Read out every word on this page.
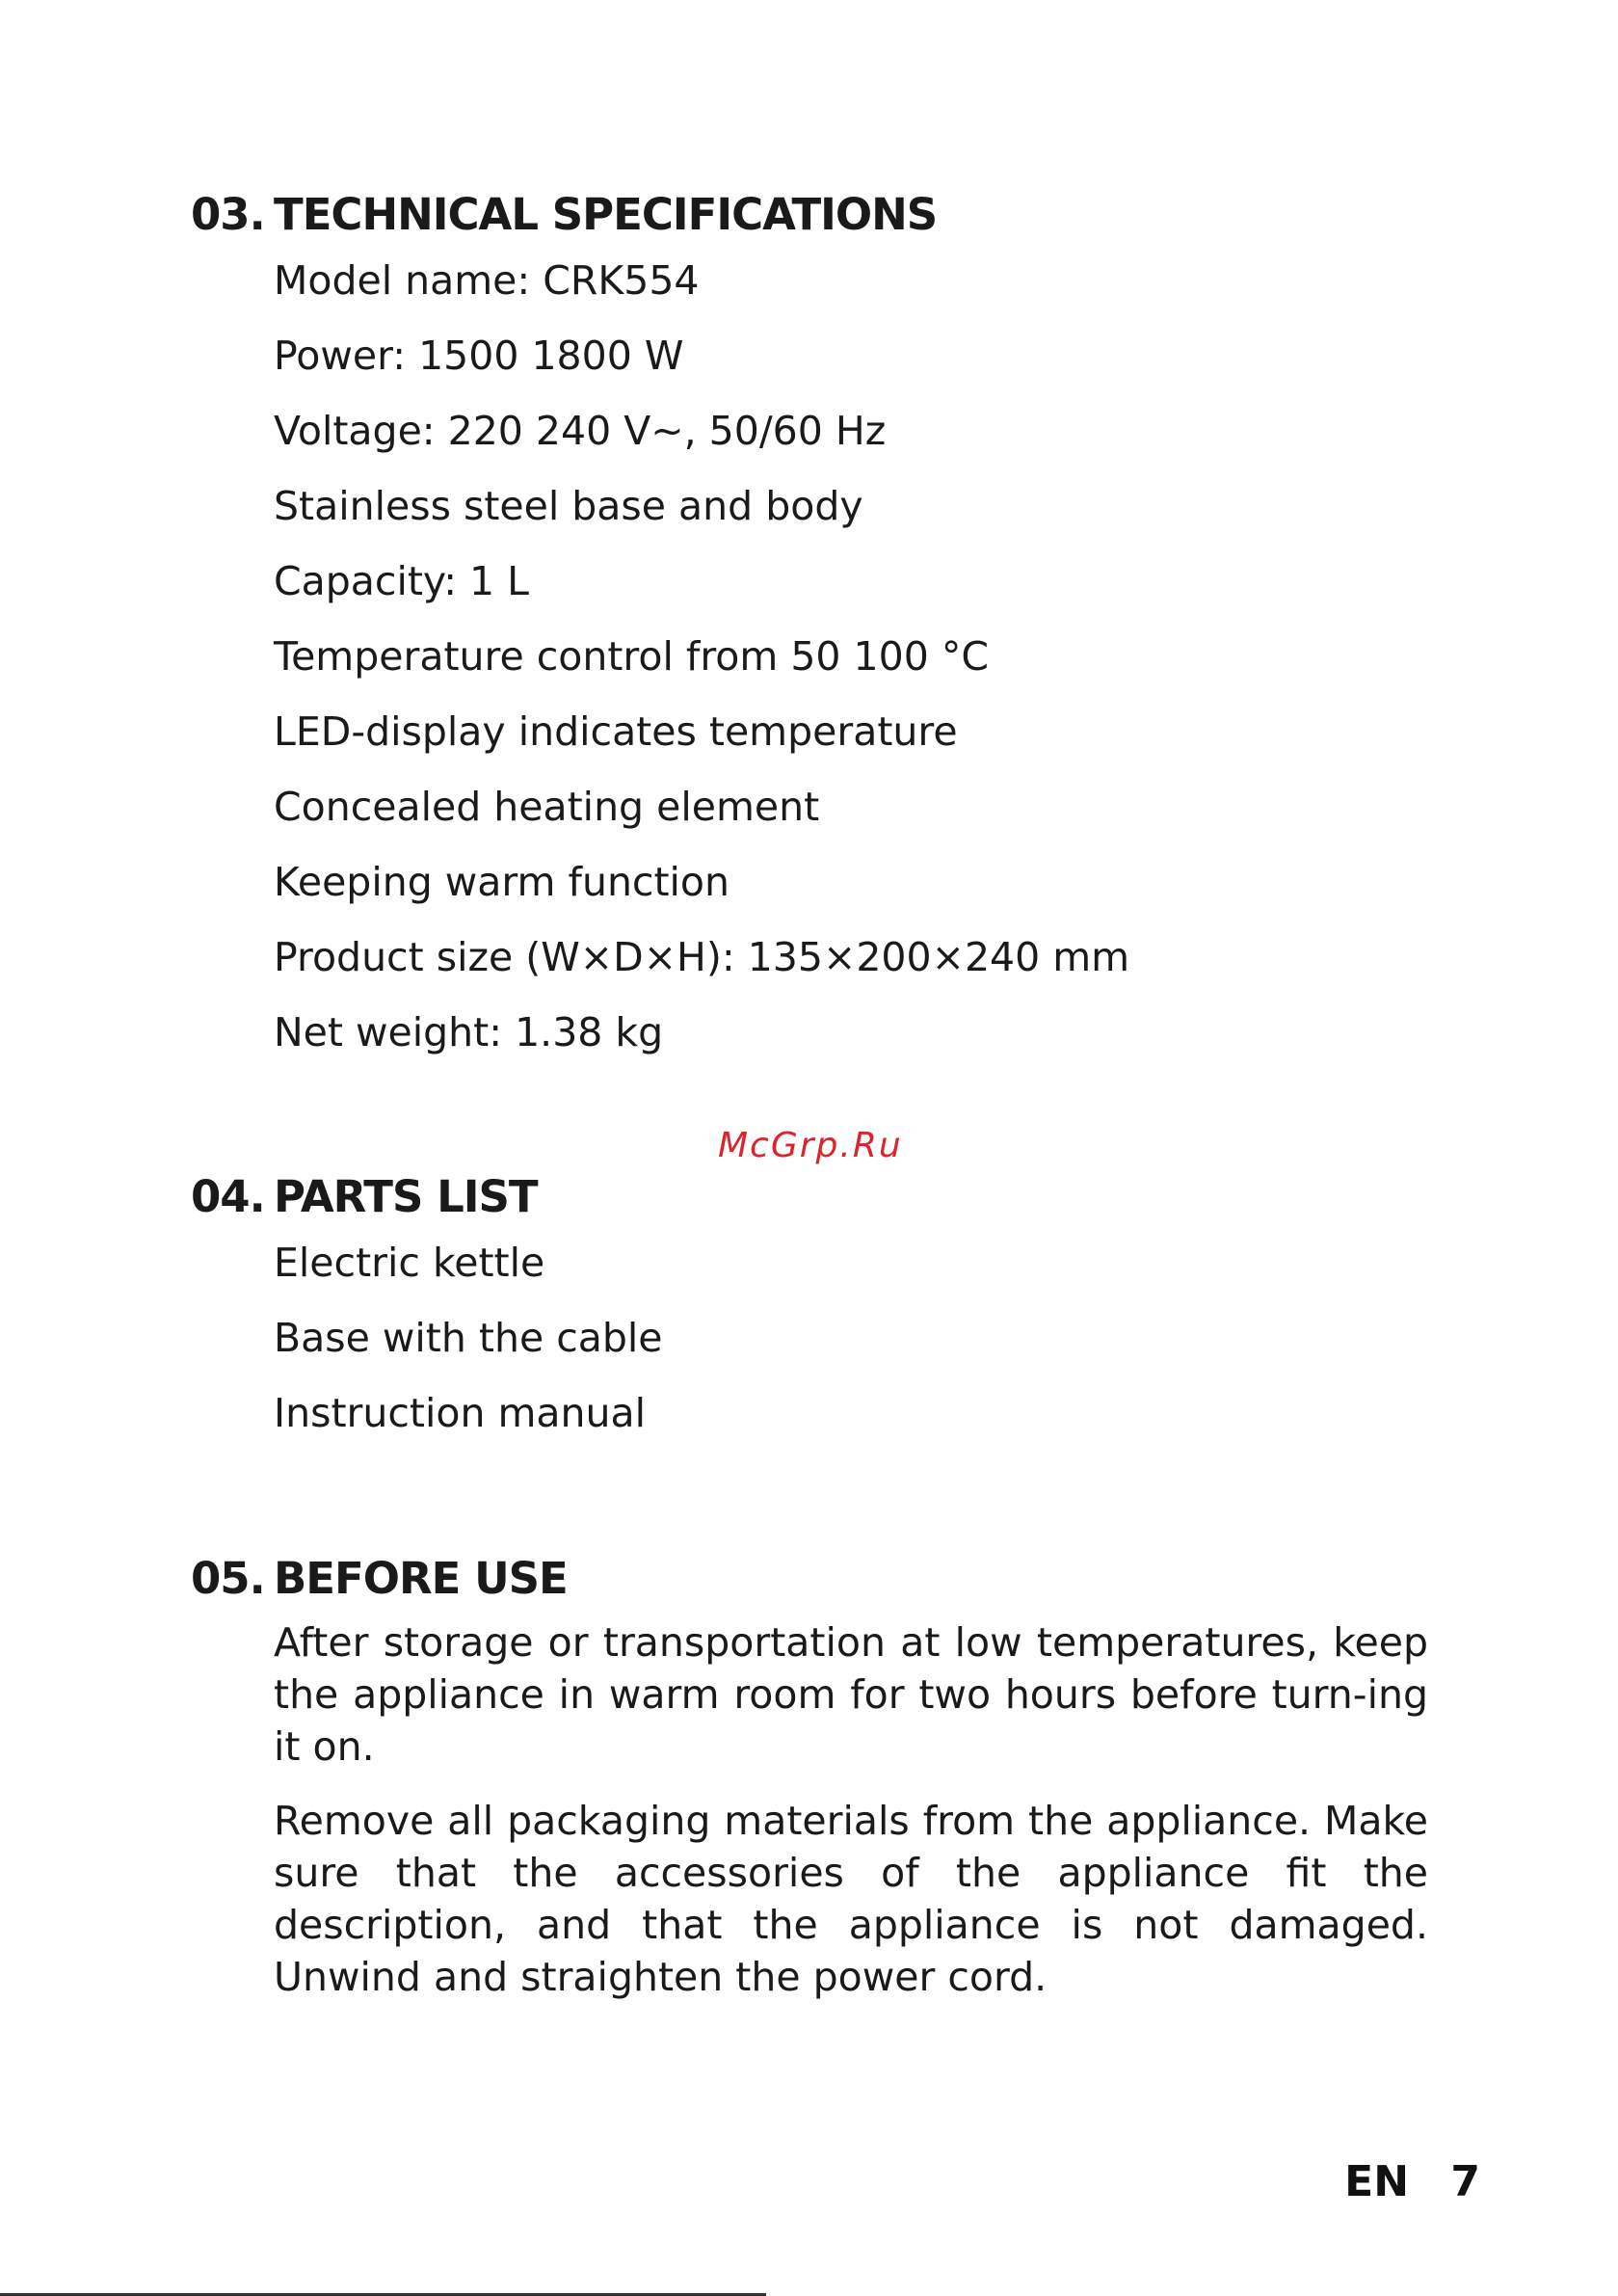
03. TECHNICAL SPECIFICATIONS
Model name: CRK554
Power: 1500 1800 W
Voltage: 220 240 V~, 50/60 Hz
Stainless steel base and body
Capacity: 1 L
Temperature control from 50 100 °C
LED-display indicates temperature
Concealed heating element
Keeping warm function
Product size (W×D×H): 135×200×240 mm
Net weight: 1.38 kg
McGrp.Ru
04. PARTS LIST
Electric kettle
Base with the cable
Instruction manual
05. BEFORE USE

After storage or transportation at low temperatures, keep the appliance in warm room for two hours before turn-ing it on.

Remove all packaging materials from the appliance. Make sure that the accessories of the appliance fit the description, and that the appliance is not damaged. Unwind and straighten the power cord.

EN 7
